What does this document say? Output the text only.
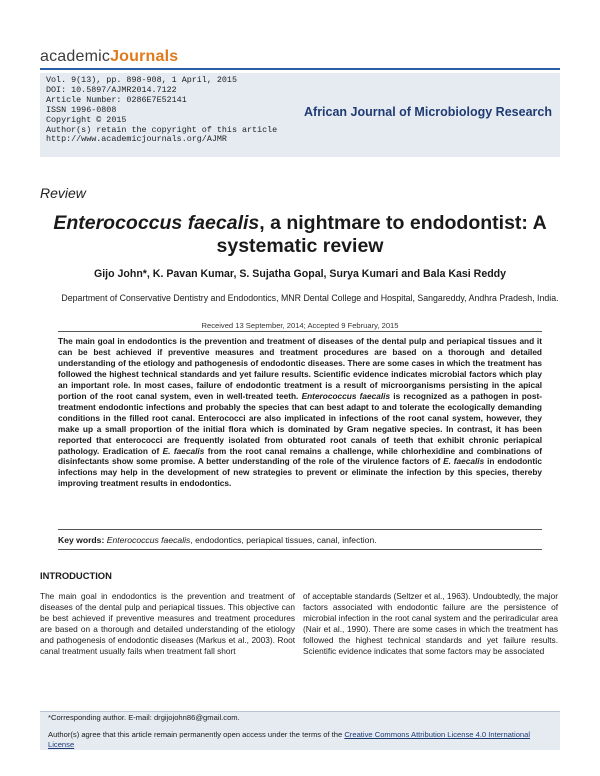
academicJournals
Vol. 9(13), pp. 898-908, 1 April, 2015
DOI: 10.5897/AJMR2014.7122
Article Number: 0286E7E52141
ISSN 1996-0808
Copyright © 2015
Author(s) retain the copyright of this article
http://www.academicjournals.org/AJMR
African Journal of Microbiology Research
Review
Enterococcus faecalis, a nightmare to endodontist: A systematic review
Gijo John*, K. Pavan Kumar, S. Sujatha Gopal, Surya Kumari and Bala Kasi Reddy
Department of Conservative Dentistry and Endodontics, MNR Dental College and Hospital, Sangareddy, Andhra Pradesh, India.
Received 13 September, 2014; Accepted 9 February, 2015
The main goal in endodontics is the prevention and treatment of diseases of the dental pulp and periapical tissues and it can be best achieved if preventive measures and treatment procedures are based on a thorough and detailed understanding of the etiology and pathogenesis of endodontic diseases. There are some cases in which the treatment has followed the highest technical standards and yet failure results. Scientific evidence indicates microbial factors which play an important role. In most cases, failure of endodontic treatment is a result of microorganisms persisting in the apical portion of the root canal system, even in well-treated teeth. Enterococcus faecalis is recognized as a pathogen in post-treatment endodontic infections and probably the species that can best adapt to and tolerate the ecologically demanding conditions in the filled root canal. Enterococci are also implicated in infections of the root canal system, however, they make up a small proportion of the initial flora which is dominated by Gram negative species. In contrast, it has been reported that enterococci are frequently isolated from obturated root canals of teeth that exhibit chronic periapical pathology. Eradication of E. faecalis from the root canal remains a challenge, while chlorhexidine and combinations of disinfectants show some promise. A better understanding of the role of the virulence factors of E. faecalis in endodontic infections may help in the development of new strategies to prevent or eliminate the infection by this species, thereby improving treatment results in endodontics.
Key words: Enterococcus faecalis, endodontics, periapical tissues, canal, infection.
INTRODUCTION
The main goal in endodontics is the prevention and treatment of diseases of the dental pulp and periapical tissues. This objective can be best achieved if preventive measures and treatment procedures are based on a thorough and detailed understanding of the etiology and pathogenesis of endodontic diseases (Markus et al., 2003). Root canal treatment usually fails when treatment fall short
of acceptable standards (Seltzer et al., 1963). Undoubtedly, the major factors associated with endodontic failure are the persistence of microbial infection in the root canal system and the periradicular area (Nair et al., 1990). There are some cases in which the treatment has followed the highest technical standards and yet failure results. Scientific evidence indicates that some factors may be associated
*Corresponding author. E-mail: drgijojohn86@gmail.com.
Author(s) agree that this article remain permanently open access under the terms of the Creative Commons Attribution License 4.0 International License
